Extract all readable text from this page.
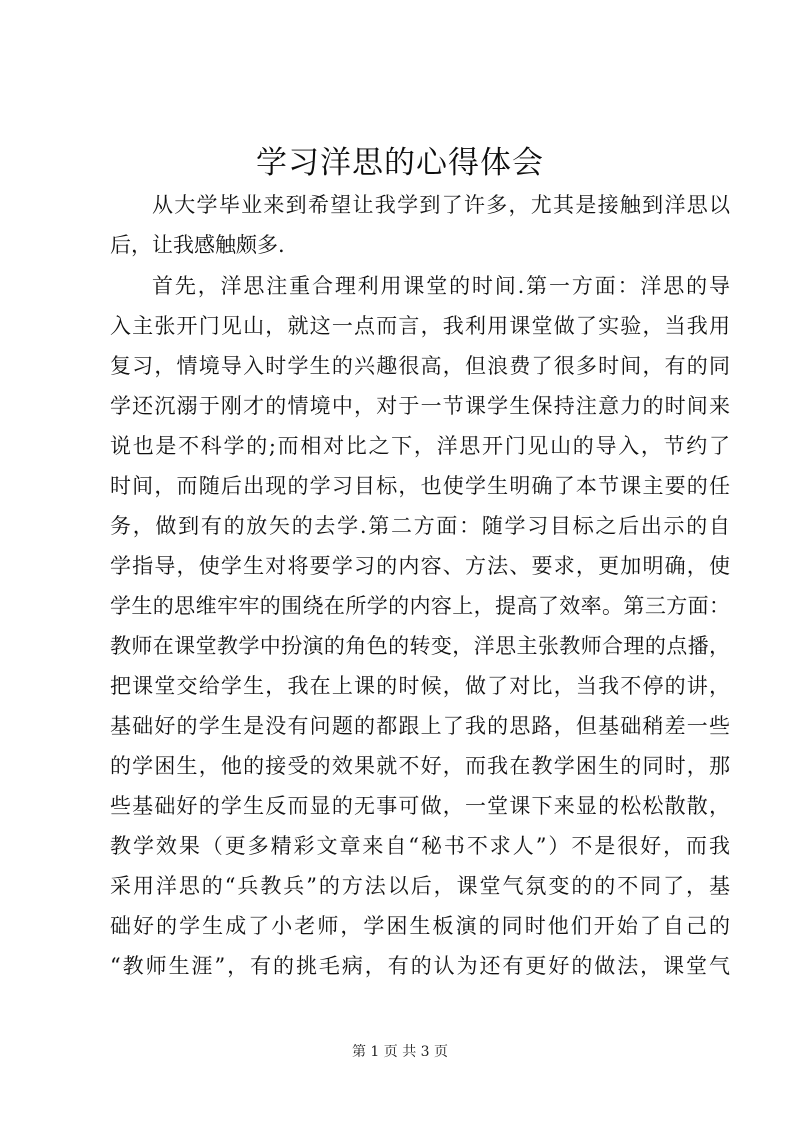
学习洋思的心得体会
从大学毕业来到希望让我学到了许多，尤其是接触到洋思以
后，让我感触颇多.
首先，洋思注重合理利用课堂的时间.第一方面：洋思的导
入主张开门见山，就这一点而言，我利用课堂做了实验，当我用
复习，情境导入时学生的兴趣很高，但浪费了很多时间，有的同
学还沉溺于刚才的情境中，对于一节课学生保持注意力的时间来
说也是不科学的;而相对比之下，洋思开门见山的导入，节约了
时间，而随后出现的学习目标，也使学生明确了本节课主要的任
务，做到有的放矢的去学.第二方面：随学习目标之后出示的自
学指导，使学生对将要学习的内容、方法、要求，更加明确，使
学生的思维牢牢的围绕在所学的内容上，提高了效率。第三方面：
教师在课堂教学中扮演的角色的转变，洋思主张教师合理的点播，
把课堂交给学生，我在上课的时候，做了对比，当我不停的讲，
基础好的学生是没有问题的都跟上了我的思路，但基础稍差一些
的学困生，他的接受的效果就不好，而我在教学困生的同时，那
些基础好的学生反而显的无事可做，一堂课下来显的松松散散，
教学效果（更多精彩文章来自“秘书不求人”）不是很好，而我
采用洋思的“兵教兵”的方法以后，课堂气氛变的的不同了，基
础好的学生成了小老师，学困生板演的同时他们开始了自己的
“教师生涯”，有的挑毛病，有的认为还有更好的做法，课堂气
第 1 页 共 3 页
